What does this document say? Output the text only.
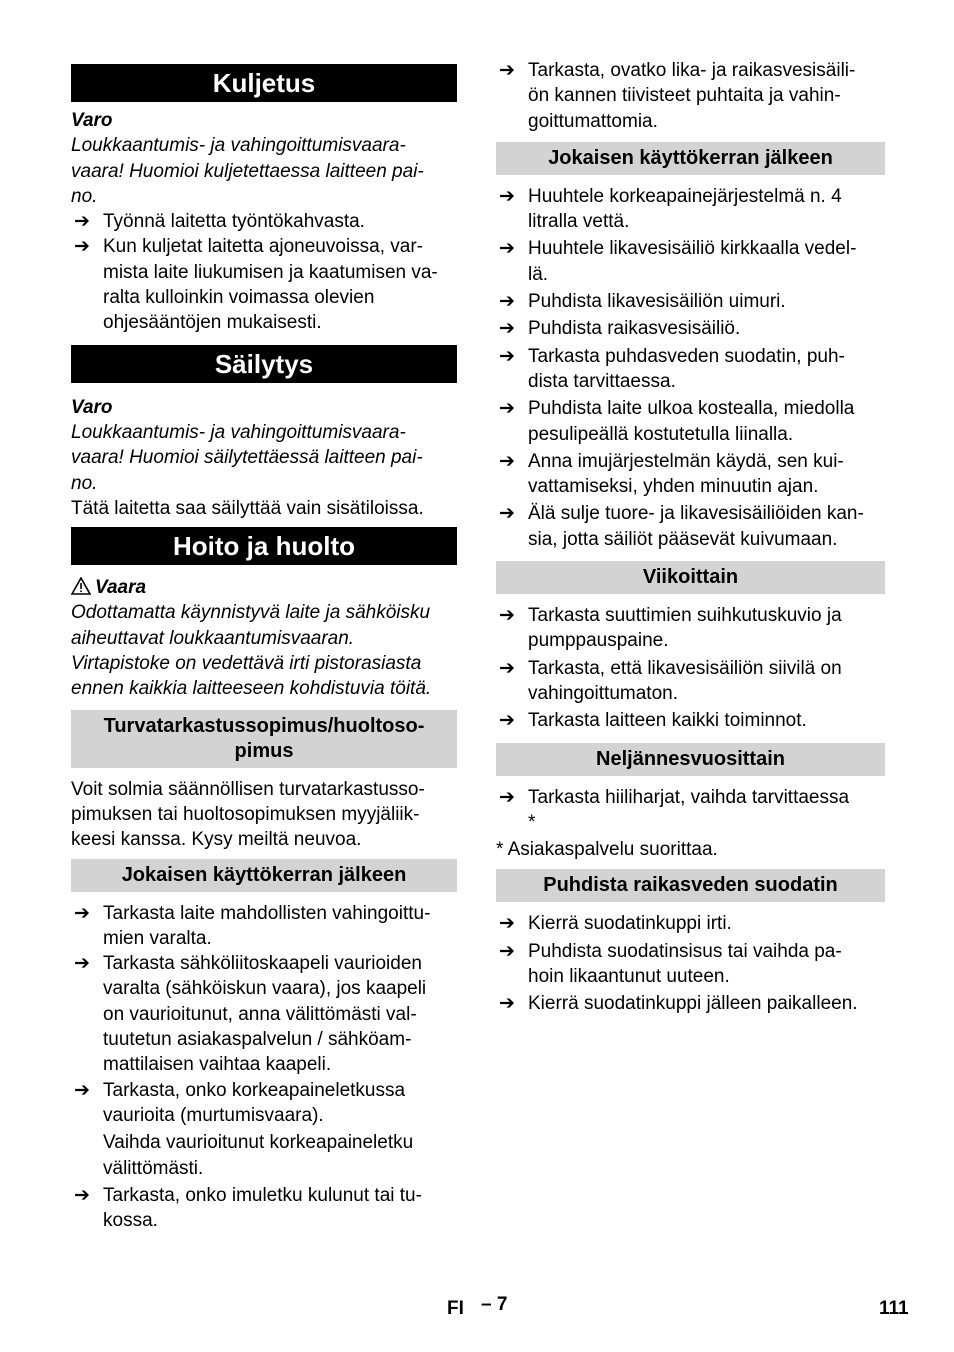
Kuljetus

Varo

Loukkaantumis- ja vahingoittumisvaara-
vaara! Huomioi kuljetettaessa laitteen pai-
no.

➔ Työnnä laitetta työntökahvasta.
➔ Kun kuljetat laitetta ajoneuvoissa, var-
mista laite liukumisen ja kaatumisen va-
ralta kulloinkin voimassa olevien
ohjesääntöjen mukaisesti.
Säilytys

Varo

Loukkaantumis- ja vahingoittumisvaara-
vaara! Huomioi säilytettäessä laitteen pai-
no.

Tätä laitetta saa säilyttää vain sisätiloissa.

Hoito ja huolto

Vaara

Odottamatta käynnistyvä laite ja sähköisku
aiheuttavat loukkaantumisvaaran.
Virtapistoke on vedettävä irti pistorasiasta
ennen kaikkia laitteeseen kohdistuvia töitä.

Turvatarkastussopimus/huoltoso-
pimus

Voit solmia säännöllisen turvatarkastusso-
pimuksen tai huoltosopimuksen myyjäliik-
keesi kanssa. Kysy meiltä neuvoa.

Jokaisen käyttökerran jälkeen
➔ Tarkasta laite mahdollisten vahingoittu-
mien varalta.
➔ Tarkasta sähköliitoskaapeli vaurioiden
varalta (sähköiskun vaara), jos kaapeli
on vaurioitunut, anna välittömästi val-
tuutetun asiakaspalvelun / sähköam-
mattilaisen vaihtaa kaapeli.
➔ Tarkasta, onko korkeapaineletkussa
vaurioita (murtumisvaara).

Vaihda vaurioitunut korkeapaineletku
välittömästi.

➔ Tarkasta, onko imuletku kulunut tai tu-
kossa.
➔ Tarkasta, ovatko lika- ja raikasvesisäili-
ön kannen tiivisteet puhtaita ja vahin-
goittumattomia.
Jokaisen käyttökerran jälkeen
➔ Huuhtele korkeapainejärjestelmä n. 4
litralla vettä.
➔ Huuhtele likavesisäiliö kirkkaalla vedel-
lä.
➔ Puhdista likavesisäiliön uimuri.
➔ Puhdista raikasvesisäiliö.
➔ Tarkasta puhdasveden suodatin, puh-
dista tarvittaessa.
➔ Puhdista laite ulkoa kostealla, miedolla
pesulipeällä kostutetulla liinalla.
➔ Anna imujärjestelmän käydä, sen kui-
vattamiseksi, yhden minuutin ajan.
➔ Älä sulje tuore- ja likavesisäiliöiden kan-
sia, jotta säiliöt pääsevät kuivumaan.
Viikoittain
➔ Tarkasta suuttimien suihkutuskuvio ja
pumppauspaine.
➔ Tarkasta, että likavesisäiliön siivilä on
vahingoittumaton.
➔ Tarkasta laitteen kaikki toiminnot.
Neljännesvuosittain
➔ Tarkasta hiiliharjat, vaihda tarvittaessa
*

* Asiakaspalvelu suorittaa.

Puhdista raikasveden suodatin
➔ Kierrä suodatinkuppi irti.
➔ Puhdista suodatinsisus tai vaihda pa-
hoin likaantunut uuteen.
➔ Kierrä suodatinkuppi jälleen paikalleen.
FI – 7	111
